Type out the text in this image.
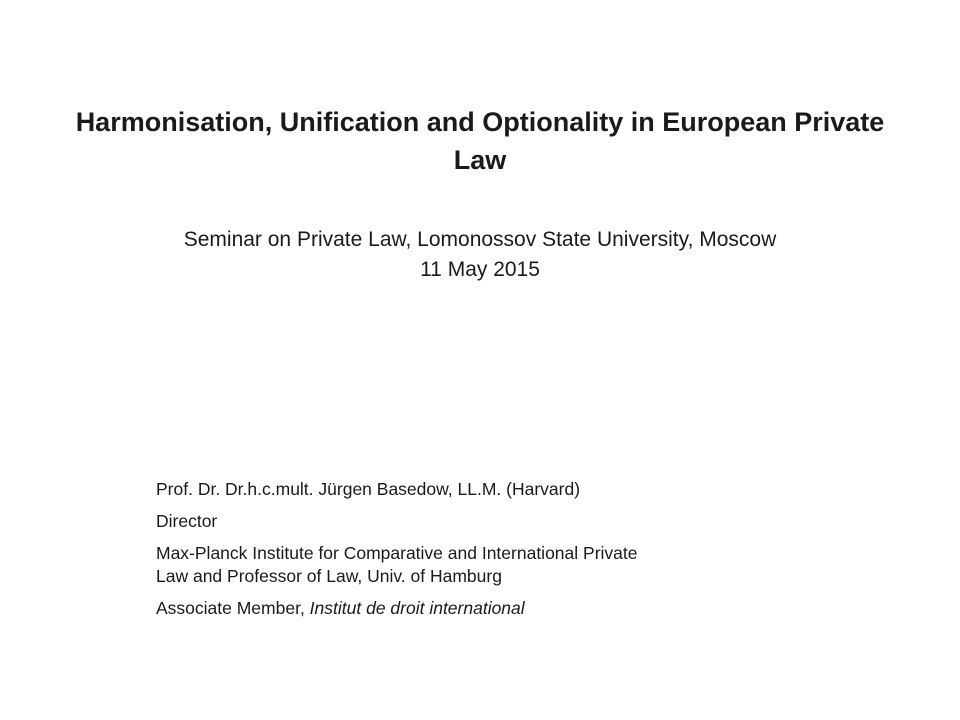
Harmonisation, Unification and Optionality in European Private Law
Seminar on Private Law, Lomonossov State University, Moscow
11 May 2015
Prof. Dr. Dr.h.c.mult. Jürgen Basedow, LL.M. (Harvard)
Director
Max-Planck Institute for Comparative and International Private
Law and Professor of Law, Univ. of Hamburg
Associate Member, Institut de droit international
